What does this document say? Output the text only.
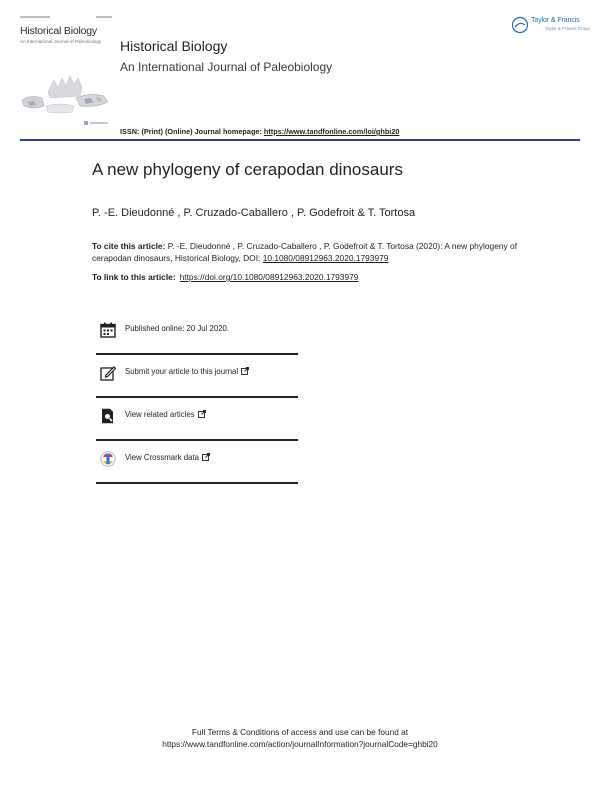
Historical Biology
An International Journal of Paleobiology Historical Biology
An International Journal of Paleobiology
Taylor & Francis
Taylor & Francis Group
ISSN: (Print) (Online) Journal homepage: https://www.tandfonline.com/loi/ghbi20
A new phylogeny of cerapodan dinosaurs
P. -E. Dieudonné , P. Cruzado-Caballero , P. Godefroit & T. Tortosa
To cite this article: P. -E. Dieudonné , P. Cruzado-Caballero , P. Godefroit & T. Tortosa (2020): A new phylogeny of cerapodan dinosaurs, Historical Biology, DOI: 10.1080/08912963.2020.1793979
To link to this article: https://doi.org/10.1080/08912963.2020.1793979
Published online: 20 Jul 2020.
Submit your article to this journal
View related articles
View Crossmark data
Full Terms & Conditions of access and use can be found at
https://www.tandfonline.com/action/journalInformation?journalCode=ghbi20
